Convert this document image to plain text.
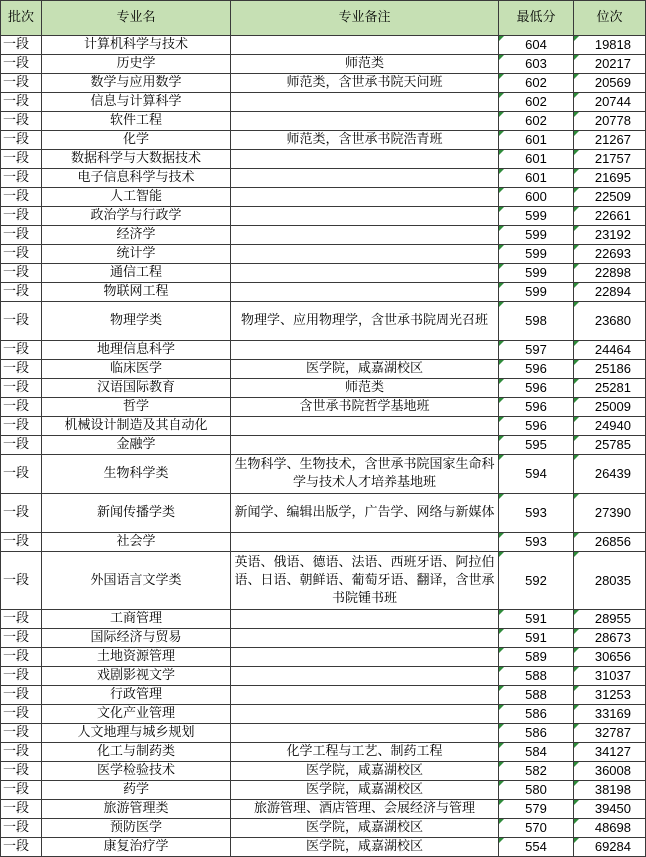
批次	专业名	专业备注	最低分	位次
一段	计算机科学与技术		604	19818
一段	历史学	师范类	603	20217
一段	数学与应用数学	师范类，含世承书院天问班	602	20569
一段	信息与计算科学		602	20744
一段	软件工程		602	20778
一段	化学	师范类，含世承书院浩青班	601	21267
一段	数据科学与大数据技术		601	21757
一段	电子信息科学与技术		601	21695
一段	人工智能		600	22509
一段	政治学与行政学		599	22661
一段	经济学		599	23192
一段	统计学		599	22693
一段	通信工程		599	22898
一段	物联网工程		599	22894
一段	物理学类	物理学、应用物理学，含世承书院周光召班	598	23680
一段	地理信息科学		597	24464
一段	临床医学	医学院，咸嘉湖校区	596	25186
一段	汉语国际教育	师范类	596	25281
一段	哲学	含世承书院哲学基地班	596	25009
一段	机械设计制造及其自动化		596	24940
一段	金融学		595	25785
一段	生物科学类	生物科学、生物技术，含世承书院国家生命科学与技术人才培养基地班	594	26439
一段	新闻传播学类	新闻学、编辑出版学，广告学、网络与新媒体	593	27390
一段	社会学		593	26856
一段	外国语言文学类	英语、俄语、德语、法语、西班牙语、阿拉伯语、日语、朝鲜语、葡萄牙语、翻译，含世承书院锺书班	592	28035
一段	工商管理		591	28955
一段	国际经济与贸易		591	28673
一段	土地资源管理		589	30656
一段	戏剧影视文学		588	31037
一段	行政管理		588	31253
一段	文化产业管理		586	33169
一段	人文地理与城乡规划		586	32787
一段	化工与制药类	化学工程与工艺、制药工程	584	34127
一段	医学检验技术	医学院，咸嘉湖校区	582	36008
一段	药学	医学院，咸嘉湖校区	580	38198
一段	旅游管理类	旅游管理、酒店管理、会展经济与管理	579	39450
一段	预防医学	医学院，咸嘉湖校区	570	48698
一段	康复治疗学	医学院，咸嘉湖校区	554	69284
